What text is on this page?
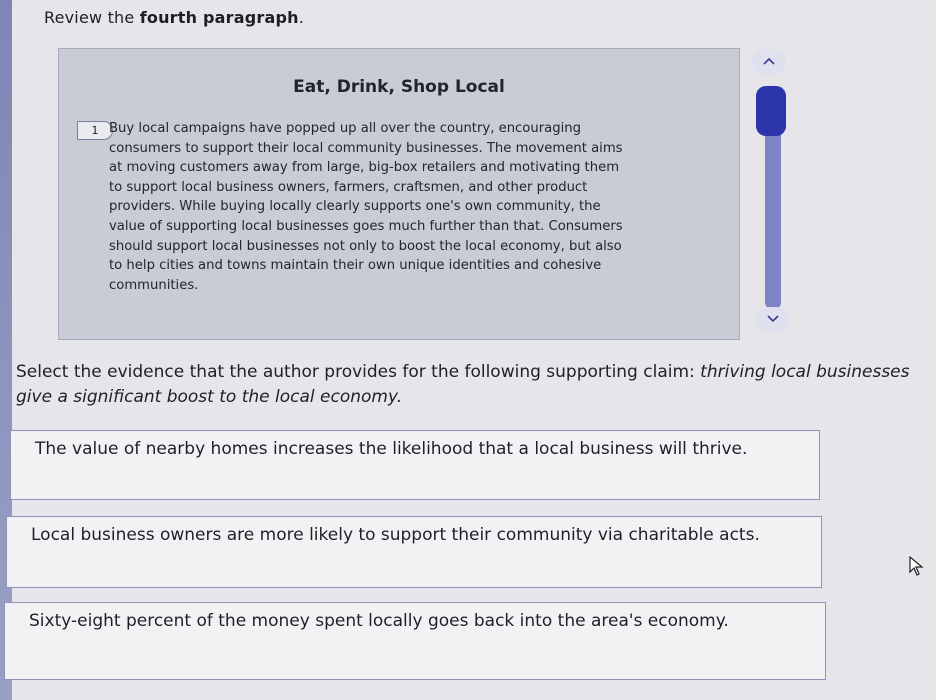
Review the fourth paragraph.
Eat, Drink, Shop Local
1 Buy local campaigns have popped up all over the country, encouraging
consumers to support their local community businesses. The movement aims
at moving customers away from large, big-box retailers and motivating them
to support local business owners, farmers, craftsmen, and other product
providers. While buying locally clearly supports one's own community, the
value of supporting local businesses goes much further than that. Consumers
should support local businesses not only to boost the local economy, but also
to help cities and towns maintain their own unique identities and cohesive
communities.
Select the evidence that the author provides for the following supporting claim: thriving local businesses give a significant boost to the local economy.
The value of nearby homes increases the likelihood that a local business will thrive.
Local business owners are more likely to support their community via charitable acts.
Sixty-eight percent of the money spent locally goes back into the area's economy.
